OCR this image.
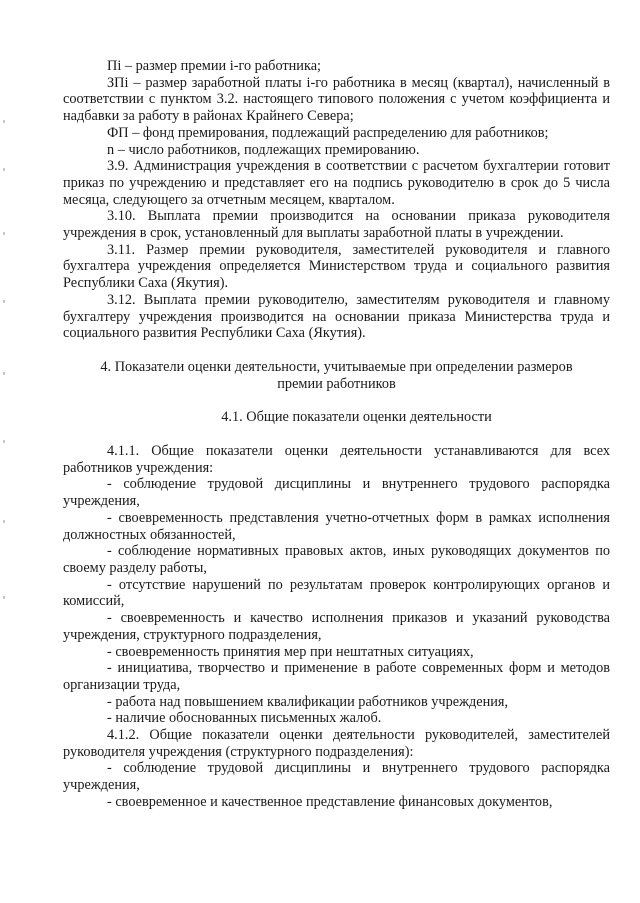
Пi – размер премии i-го работника;

ЗПi – размер заработной платы i-го работника в месяц (квартал), начисленный в соответствии с пунктом 3.2. настоящего типового положения с учетом коэффициента и надбавки за работу в районах Крайнего Севера;

ФП – фонд премирования, подлежащий распределению для работников;

n – число работников, подлежащих премированию.

3.9. Администрация учреждения в соответствии с расчетом бухгалтерии готовит приказ по учреждению и представляет его на подпись руководителю в срок до 5 числа месяца, следующего за отчетным месяцем, кварталом.

3.10. Выплата премии производится на основании приказа руководителя учреждения в срок, установленный для выплаты заработной платы в учреждении.

3.11. Размер премии руководителя, заместителей руководителя и главного бухгалтера учреждения определяется Министерством труда и социального развития Республики Саха (Якутия).

3.12. Выплата премии руководителю, заместителям руководителя и главному бухгалтеру учреждения производится на основании приказа Министерства труда и социального развития Республики Саха (Якутия).

4. Показатели оценки деятельности, учитываемые при определении размеров
премии работников

4.1. Общие показатели оценки деятельности

4.1.1. Общие показатели оценки деятельности устанавливаются для всех работников учреждения:

- соблюдение трудовой дисциплины и внутреннего трудового распорядка учреждения,

- своевременность представления учетно-отчетных форм в рамках исполнения должностных обязанностей,

- соблюдение нормативных правовых актов, иных руководящих документов по своему разделу работы,

- отсутствие нарушений по результатам проверок контролирующих органов и комиссий,

- своевременность и качество исполнения приказов и указаний руководства учреждения, структурного подразделения,

- своевременность принятия мер при нештатных ситуациях,

- инициатива, творчество и применение в работе современных форм и методов организации труда,

- работа над повышением квалификации работников учреждения,

- наличие обоснованных письменных жалоб.

4.1.2. Общие показатели оценки деятельности руководителей, заместителей руководителя учреждения (структурного подразделения):

- соблюдение трудовой дисциплины и внутреннего трудового распорядка учреждения,

- своевременное и качественное представление финансовых документов,
